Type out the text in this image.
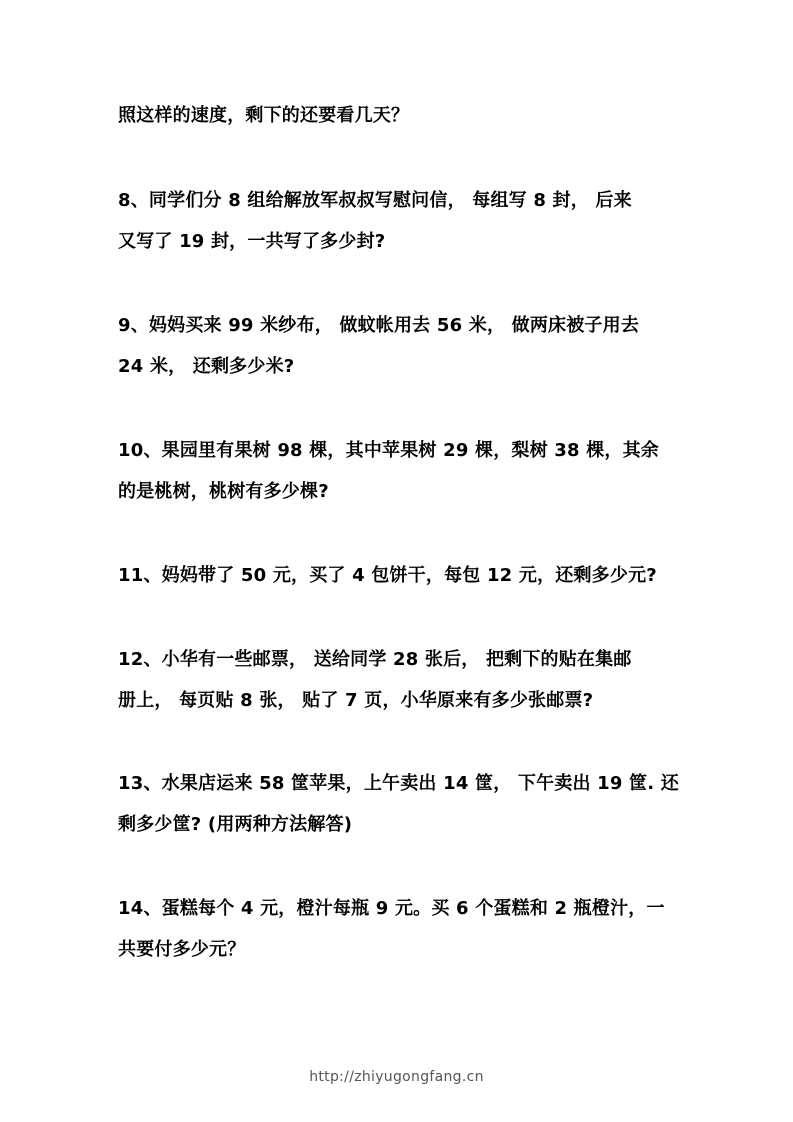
照这样的速度，剩下的还要看几天？
8、同学们分 8 组给解放军叔叔写慰问信， 每组写 8 封， 后来
又写了 19 封，一共写了多少封?
9、妈妈买来 99 米纱布， 做蚊帐用去 56 米， 做两床被子用去
24 米， 还剩多少米?
10、果园里有果树 98 棵，其中苹果树 29 棵，梨树 38 棵，其余
的是桃树，桃树有多少棵?
11、妈妈带了 50 元，买了 4 包饼干，每包 12 元，还剩多少元?
12、小华有一些邮票， 送给同学 28 张后， 把剩下的贴在集邮
册上， 每页贴 8 张， 贴了 7 页，小华原来有多少张邮票?
13、水果店运来 58 筐苹果，上午卖出 14 筐， 下午卖出 19 筐. 还
剩多少筐? (用两种方法解答)
14、蛋糕每个 4 元，橙汁每瓶 9 元。买 6 个蛋糕和 2 瓶橙汁，一
共要付多少元？
http://zhiyugongfang.cn
